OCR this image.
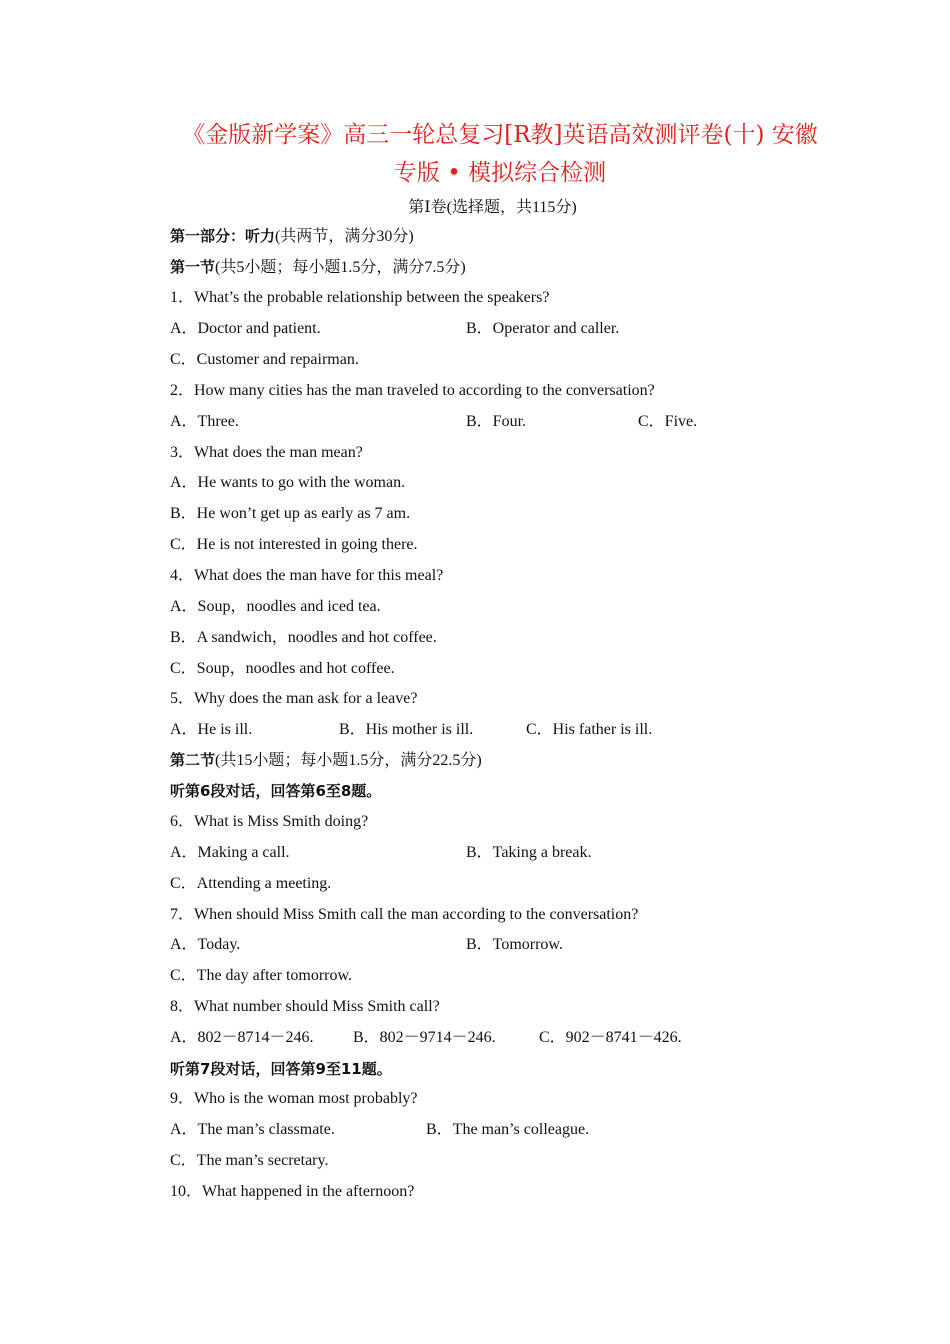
《金版新学案》高三一轮总复习[R教]英语高效测评卷(十) 安徽

专版 • 模拟综合检测

第Ⅰ卷(选择题，共115分)
第一部分：听力(共两节，满分30分)
第一节(共5小题；每小题1.5分，满分7.5分)
1．What’s the probable relationship between the speakers?
A．Doctor and patient.	B．Operator and caller.
C．Customer and repairman.
2．How many cities has the man traveled to according to the conversation?
A．Three.	B．Four.	C．Five.
3．What does the man mean?
A．He wants to go with the woman.
B．He won’t get up as early as 7 am.
C．He is not interested in going there.
4．What does the man have for this meal?
A．Soup，noodles and iced tea.
B．A sandwich，noodles and hot coffee.
C．Soup，noodles and hot coffee.
5．Why does the man ask for a leave?
A．He is ill.	B．His mother is ill.	C．His father is ill.
第二节(共15小题；每小题1.5分，满分22.5分)
听第6段对话，回答第6至8题。
6．What is Miss Smith doing?
A．Making a call.	B．Taking a break.
C．Attending a meeting.
7．When should Miss Smith call the man according to the conversation?
A．Today.	B．Tomorrow.
C．The day after tomorrow.
8．What number should Miss Smith call?
A．802－8714－246. B．802－9714－246.	C．902－8741－426.
听第7段对话，回答第9至11题。
9．Who is the woman most probably?
A．The man’s classmate.	B．The man’s colleague.
C．The man’s secretary.
10．What happened in the afternoon?
